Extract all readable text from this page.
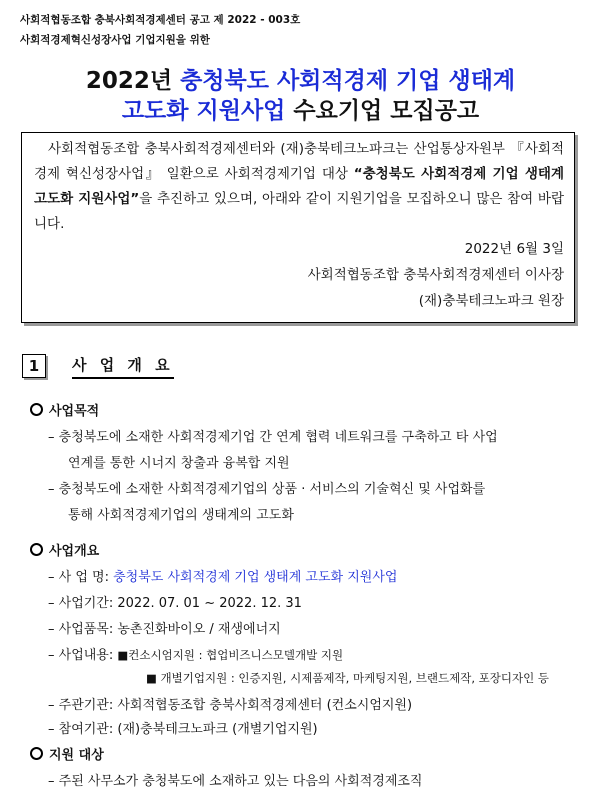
사회적협동조합 충북사회적경제센터 공고 제 2022 - 003호
사회적경제혁신성장사업 기업지원을 위한
2022년 충청북도 사회적경제 기업 생태계
고도화 지원사업 수요기업 모집공고
사회적협동조합 충북사회적경제센터와 (재)충북테크노파크는 산업통상자원부 『사회적경제 혁신성장사업』 일환으로 사회적경제기업 대상 “충청북도 사회적경제 기업 생태계 고도화 지원사업”을 추진하고 있으며, 아래와 같이 지원기업을 모집하오니 많은 참여 바랍니다.
2022년 6월 3일
사회적협동조합 충북사회적경제센터 이사장
(재)충북테크노파크 원장
1	사 업 개 요
사업목적
– 충청북도에 소재한 사회적경제기업 간 연계 협력 네트워크를 구축하고 타 사업
연계를 통한 시너지 창출과 융복합 지원
– 충청북도에 소재한 사회적경제기업의 상품 · 서비스의 기술혁신 및 사업화를
통해 사회적경제기업의 생태계의 고도화
사업개요
– 사 업 명: 충청북도 사회적경제 기업 생태계 고도화 지원사업
– 사업기간: 2022. 07. 01 ~ 2022. 12. 31
– 사업품목: 농촌진화바이오 / 재생에너지
– 사업내용: ■컨소시엄지원 : 협업비즈니스모델개발 지원
■ 개별기업지원 : 인증지원, 시제품제작, 마케팅지원, 브랜드제작, 포장디자인 등
– 주관기관: 사회적협동조합 충북사회적경제센터 (컨소시엄지원)
– 참여기관: (재)충북테크노파크 (개별기업지원)
지원 대상
– 주된 사무소가 충청북도에 소재하고 있는 다음의 사회적경제조직
